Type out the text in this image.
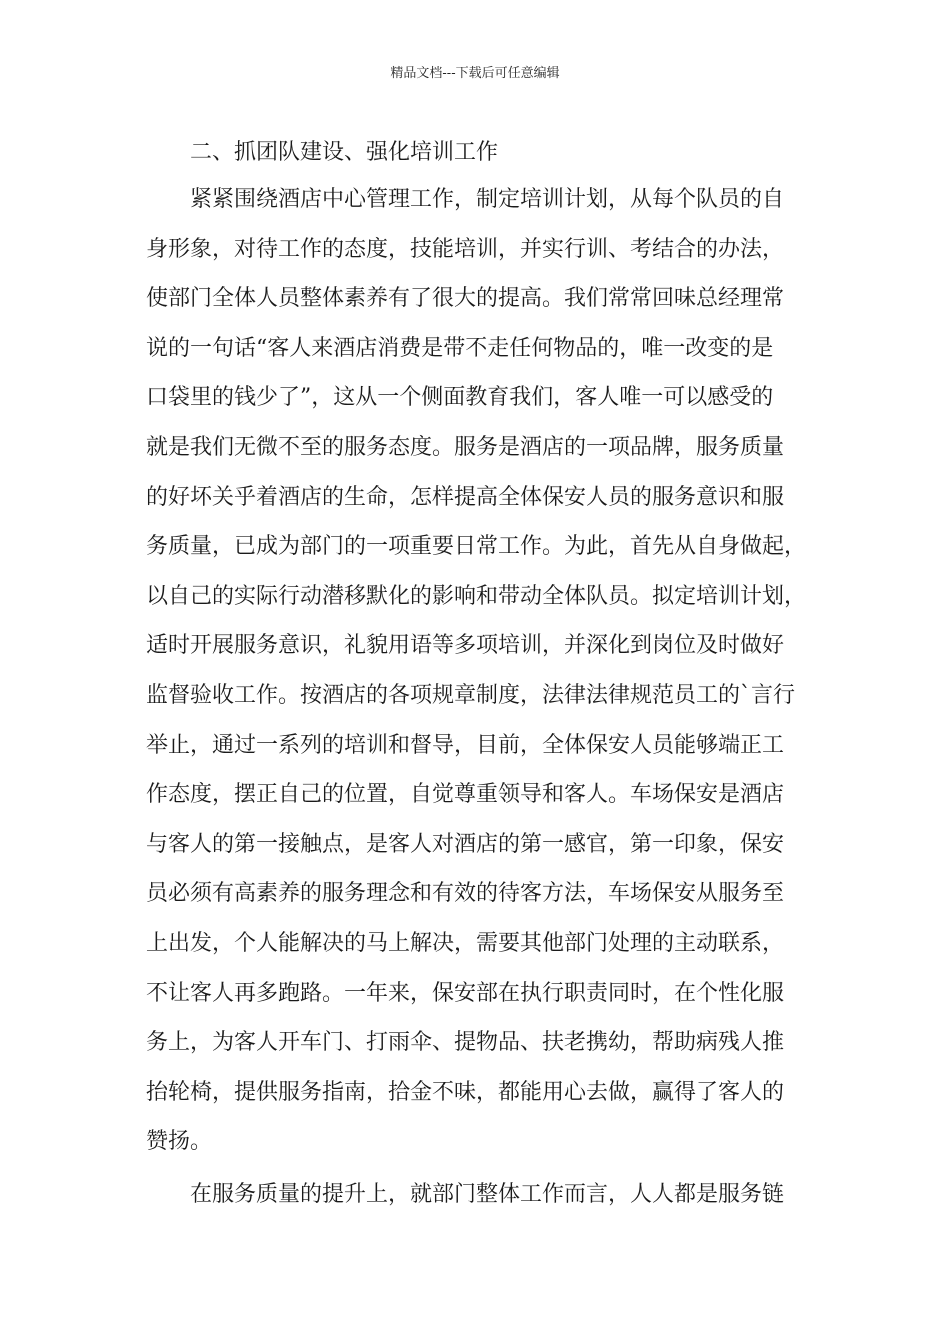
精品文档---下载后可任意编辑
二、抓团队建设、强化培训工作
紧紧围绕酒店中心管理工作，制定培训计划，从每个队员的自
身形象，对待工作的态度，技能培训，并实行训、考结合的办法，
使部门全体人员整体素养有了很大的提高。我们常常回味总经理常
说的一句话“客人来酒店消费是带不走任何物品的，唯一改变的是
口袋里的钱少了”，这从一个侧面教育我们，客人唯一可以感受的
就是我们无微不至的服务态度。服务是酒店的一项品牌，服务质量
的好坏关乎着酒店的生命，怎样提高全体保安人员的服务意识和服
务质量，已成为部门的一项重要日常工作。为此，首先从自身做起，
以自己的实际行动潜移默化的影响和带动全体队员。拟定培训计划，
适时开展服务意识，礼貌用语等多项培训，并深化到岗位及时做好
监督验收工作。按酒店的各项规章制度，法律法律规范员工的`言行
举止，通过一系列的培训和督导，目前，全体保安人员能够端正工
作态度，摆正自己的位置，自觉尊重领导和客人。车场保安是酒店
与客人的第一接触点，是客人对酒店的第一感官，第一印象，保安
员必须有高素养的服务理念和有效的待客方法，车场保安从服务至
上出发，个人能解决的马上解决，需要其他部门处理的主动联系，
不让客人再多跑路。一年来，保安部在执行职责同时，在个性化服
务上，为客人开车门、打雨伞、提物品、扶老携幼，帮助病残人推
抬轮椅，提供服务指南，拾金不味，都能用心去做，赢得了客人的
赞扬。
在服务质量的提升上，就部门整体工作而言，人人都是服务链
